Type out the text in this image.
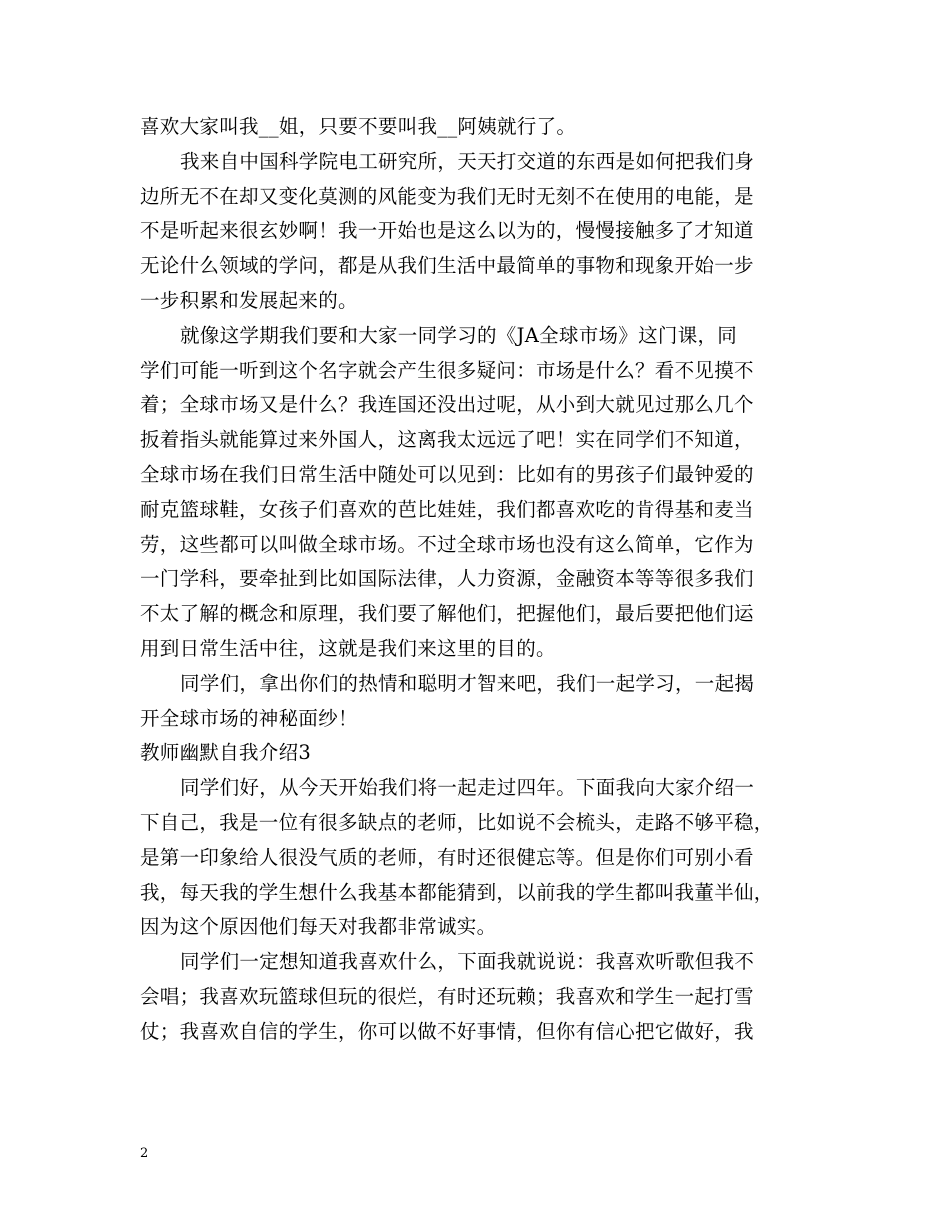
喜欢大家叫我__姐，只要不要叫我__阿姨就行了。
我来自中国科学院电工研究所，天天打交道的东西是如何把我们身
边所无不在却又变化莫测的风能变为我们无时无刻不在使用的电能，是
不是听起来很玄妙啊！我一开始也是这么以为的，慢慢接触多了才知道
无论什么领域的学问，都是从我们生活中最简单的事物和现象开始一步
一步积累和发展起来的。
就像这学期我们要和大家一同学习的《JA全球市场》这门课，同
学们可能一听到这个名字就会产生很多疑问：市场是什么？看不见摸不
着；全球市场又是什么？我连国还没出过呢，从小到大就见过那么几个
扳着指头就能算过来外国人，这离我太远远了吧！实在同学们不知道，
全球市场在我们日常生活中随处可以见到：比如有的男孩子们最钟爱的
耐克篮球鞋，女孩子们喜欢的芭比娃娃，我们都喜欢吃的肯得基和麦当
劳，这些都可以叫做全球市场。不过全球市场也没有这么简单，它作为
一门学科，要牵扯到比如国际法律，人力资源，金融资本等等很多我们
不太了解的概念和原理，我们要了解他们，把握他们，最后要把他们运
用到日常生活中往，这就是我们来这里的目的。
同学们，拿出你们的热情和聪明才智来吧，我们一起学习，一起揭
开全球市场的神秘面纱！
教师幽默自我介绍3
同学们好，从今天开始我们将一起走过四年。下面我向大家介绍一
下自己，我是一位有很多缺点的老师，比如说不会梳头，走路不够平稳，
是第一印象给人很没气质的老师，有时还很健忘等。但是你们可别小看
我，每天我的学生想什么我基本都能猜到，以前我的学生都叫我董半仙，
因为这个原因他们每天对我都非常诚实。
同学们一定想知道我喜欢什么，下面我就说说：我喜欢听歌但我不
会唱；我喜欢玩篮球但玩的很烂，有时还玩赖；我喜欢和学生一起打雪
仗；我喜欢自信的学生，你可以做不好事情，但你有信心把它做好，我
2
